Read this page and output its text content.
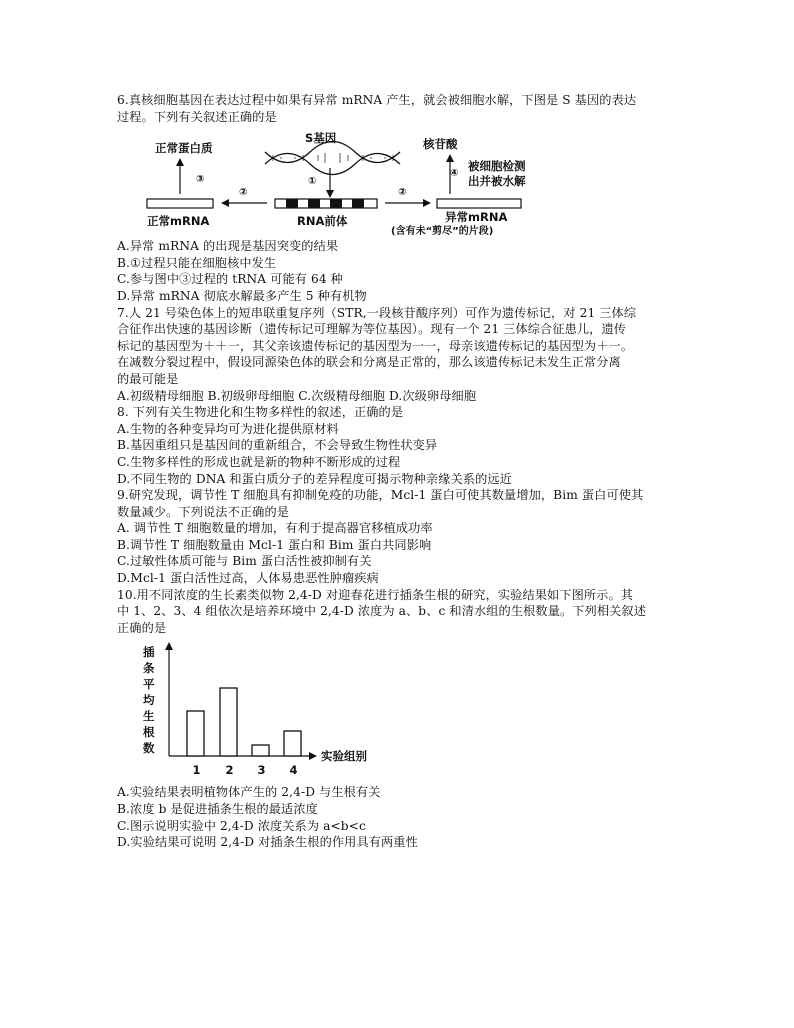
6.真核细胞基因在表达过程中如果有异常 mRNA 产生，就会被细胞水解，下图是 S 基因的表达

过程。下列有关叙述正确的是

S基因
①
RNA前体
②
正常mRNA
③
正常蛋白质
②
异常mRNA
(含有未“剪尽”的片段)
④
核苷酸
被细胞检测
出并被水解

A.异常 mRNA 的出现是基因突变的结果

B.①过程只能在细胞核中发生

C.参与图中③过程的 tRNA 可能有 64 种

D.异常 mRNA 彻底水解最多产生 5 种有机物

7.人 21 号染色体上的短串联重复序列（STR,一段核苷酸序列）可作为遗传标记，对 21 三体综

合征作出快速的基因诊断（遗传标记可理解为等位基因）。现有一个 21 三体综合征患儿，遗传

标记的基因型为＋＋一，其父亲该遗传标记的基因型为一一，母亲该遗传标记的基因型为＋一。

在减数分裂过程中，假设同源染色体的联会和分离是正常的，那么该遗传标记未发生正常分离

的最可能是

A.初级精母细胞 B.初级卵母细胞 C.次级精母细胞 D.次级卵母细胞

8. 下列有关生物进化和生物多样性的叙述，正确的是

A.生物的各种变异均可为进化提供原材料

B.基因重组只是基因间的重新组合，不会导致生物性状变异

C.生物多样性的形成也就是新的物种不断形成的过程

D.不同生物的 DNA 和蛋白质分子的差异程度可揭示物种亲缘关系的远近

9.研究发现，调节性 T 细胞具有抑制免疫的功能，Mcl-1 蛋白可使其数量增加，Bim 蛋白可使其

数量减少。下列说法不正确的是

A. 调节性 T 细胞数量的增加，有利于提高器官移植成功率

B.调节性 T 细胞数量由 Mcl-1 蛋白和 Bim 蛋白共同影响

C.过敏性体质可能与 Bim 蛋白活性被抑制有关

D.Mcl-1 蛋白活性过高，人体易患恶性肿瘤疾病

10.用不同浓度的生长素类似物 2,4-D 对迎春花进行插条生根的研究，实验结果如下图所示。其

中 1、2、3、4 组依次是培养环境中 2,4-D 浓度为 a、b、c 和清水组的生根数量。下列相关叙述

正确的是

插
条
平
均
生
根
数
实验组别
1 2 3 4

A.实验结果表明植物体产生的 2,4-D 与生根有关

B.浓度 b 是促进插条生根的最适浓度

C.图示说明实验中 2,4-D 浓度关系为 a<b<c

D.实验结果可说明 2,4-D 对插条生根的作用具有两重性
